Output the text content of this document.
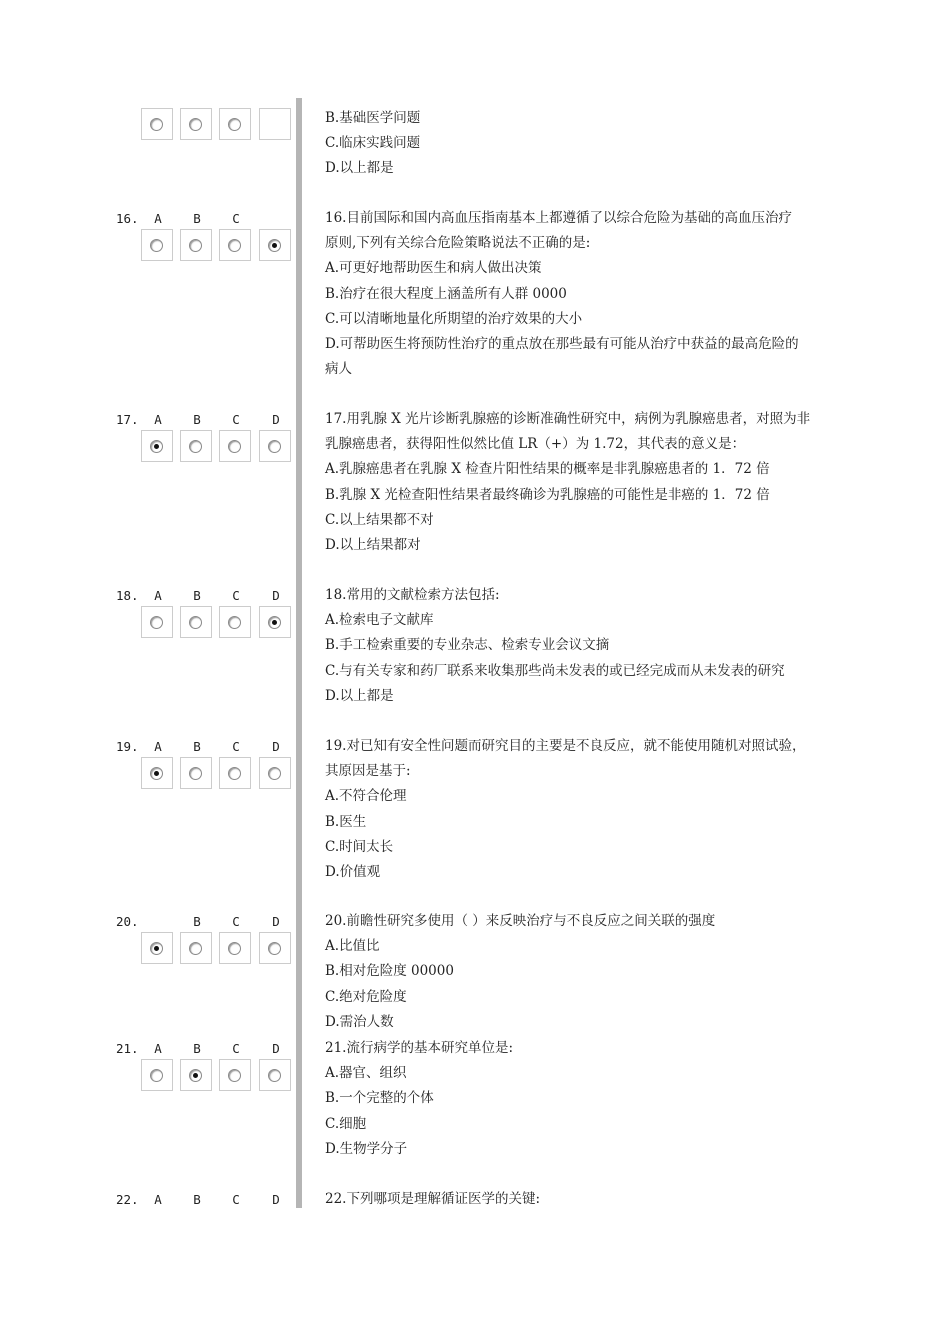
B.基础医学问题
C.临床实践问题
D.以上都是
16. A	B	C	16.目前国际和国内高血压指南基本上都遵循了以综合危险为基础的高血压治疗
原则,下列有关综合危险策略说法不正确的是:
A.可更好地帮助医生和病人做出决策
B.治疗在很大程度上涵盖所有人群 0000
C.可以清晰地量化所期望的治疗效果的大小
D.可帮助医生将预防性治疗的重点放在那些最有可能从治疗中获益的最高危险的
病人
17. A	B	C	D	17.用乳腺 X 光片诊断乳腺癌的诊断准确性研究中，病例为乳腺癌患者，对照为非
乳腺癌患者，获得阳性似然比值 LR（+）为 1.72，其代表的意义是：
A.乳腺癌患者在乳腺 X 检查片阳性结果的概率是非乳腺癌患者的 1．72 倍
B.乳腺 X 光检查阳性结果者最终确诊为乳腺癌的可能性是非癌的 1．72 倍
C.以上结果都不对
D.以上结果都对
18. A	B	C	D	18.常用的文献检索方法包括:
A.检索电子文献库
B.手工检索重要的专业杂志、检索专业会议文摘
C.与有关专家和药厂联系来收集那些尚未发表的或已经完成而从未发表的研究
D.以上都是
19. A	B	C	D	19.对已知有安全性问题而研究目的主要是不良反应，就不能使用随机对照试验，
其原因是基于:
A.不符合伦理
B.医生
C.时间太长
D.价值观
20.	B	C	D	20.前瞻性研究多使用（ ）来反映治疗与不良反应之间关联的强度
A.比值比
B.相对危险度 00000
C.绝对危险度
D.需治人数
21. A	B	C	D	21.流行病学的基本研究单位是:
A.器官、组织
B.一个完整的个体
C.细胞
D.生物学分子
22. A	B	C	D	22.下列哪项是理解循证医学的关键:
